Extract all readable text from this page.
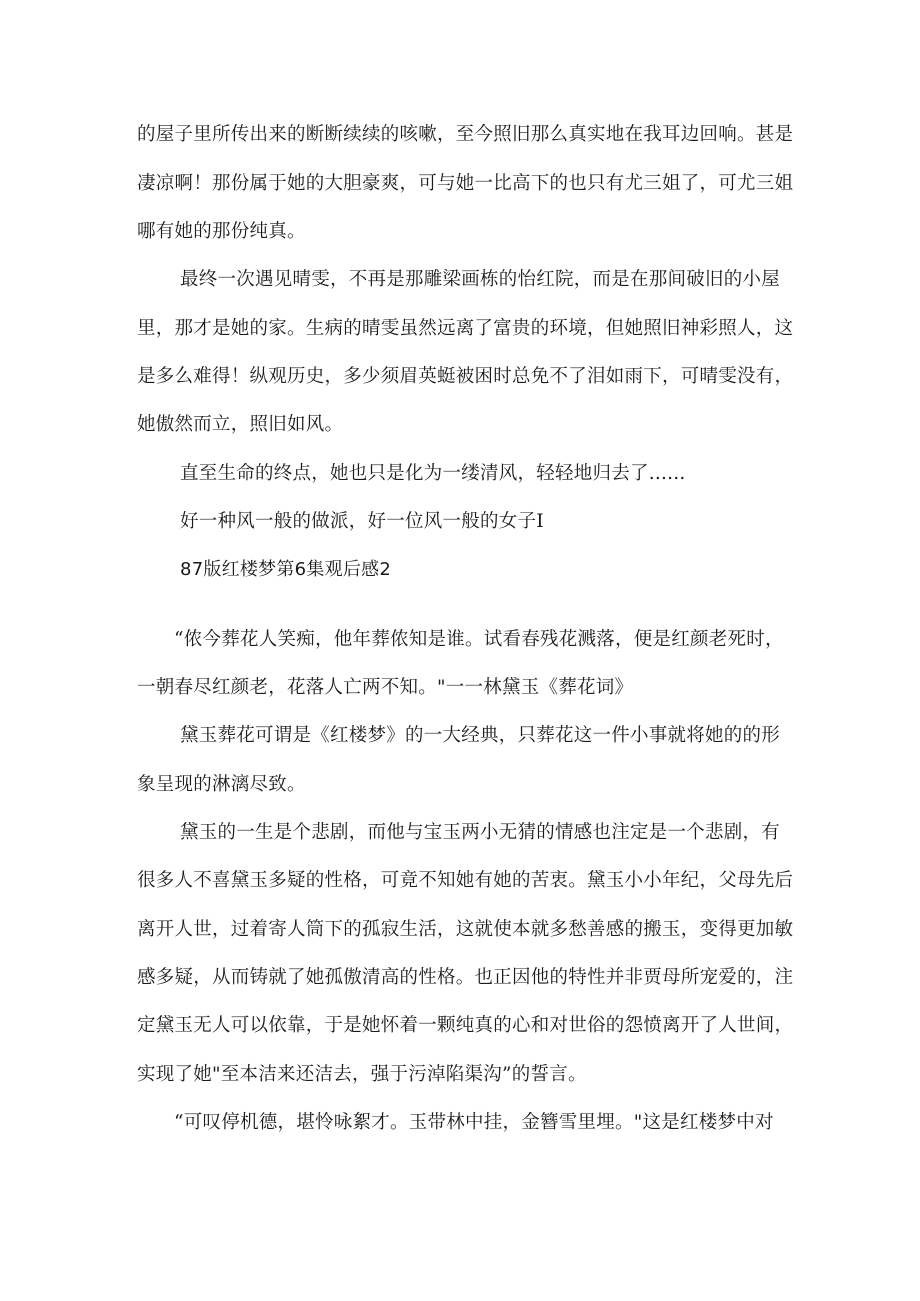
的屋子里所传出来的断断续续的咳嗽，至今照旧那么真实地在我耳边回响。甚是
凄凉啊！那份属于她的大胆豪爽，可与她一比高下的也只有尤三姐了，可尤三姐
哪有她的那份纯真。
最终一次遇见晴雯，不再是那雕梁画栋的怡红院，而是在那间破旧的小屋
里，那才是她的家。生病的晴雯虽然远离了富贵的环境，但她照旧神彩照人，这
是多么难得！纵观历史，多少须眉英蜓被困时总免不了泪如雨下，可晴雯没有，
她傲然而立，照旧如风。
直至生命的终点，她也只是化为一缕清风，轻轻地归去了......
好一种风一般的做派，好一位风一般的女子I
87版红楼梦第6集观后感2
“侬今葬花人笑痴，他年葬侬知是谁。试看春残花溅落，便是红颜老死时，
一朝春尽红颜老，花落人亡两不知。"一一林黛玉《葬花词》
黛玉葬花可谓是《红楼梦》的一大经典，只葬花这一件小事就将她的的形
象呈现的淋漓尽致。
黛玉的一生是个悲剧，而他与宝玉两小无猜的情感也注定是一个悲剧，有
很多人不喜黛玉多疑的性格，可竟不知她有她的苦衷。黛玉小小年纪，父母先后
离开人世，过着寄人筒下的孤寂生活，这就使本就多愁善感的搬玉，变得更加敏
感多疑，从而铸就了她孤傲清高的性格。也正因他的特性并非贾母所宠爱的，注
定黛玉无人可以依靠，于是她怀着一颗纯真的心和对世俗的怨愤离开了人世间，
实现了她"至本洁来还洁去，强于污淖陷渠沟”的誓言。
“可叹停机德，堪怜咏絮才。玉带林中挂，金簪雪里埋。"这是红楼梦中对
